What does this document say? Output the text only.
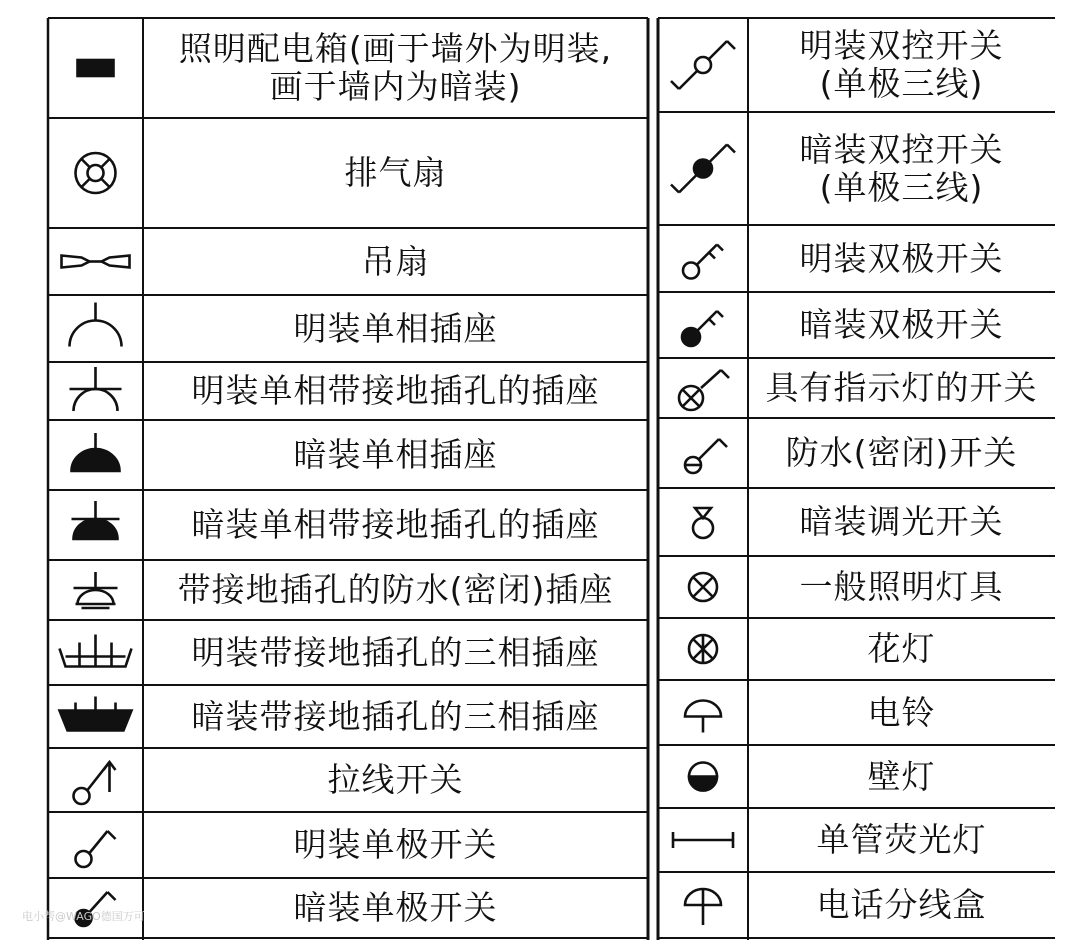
照明配电箱(画于墙外为明装,
画于墙内为暗装)
排气扇
吊扇
明装单相插座
明装单相带接地插孔的插座
暗装单相插座
暗装单相带接地插孔的插座
带接地插孔的防水(密闭)插座
明装带接地插孔的三相插座
暗装带接地插孔的三相插座
拉线开关
明装单极开关
暗装单极开关
明装双控开关
(单极三线)
暗装双控开关
(单极三线)
明装双极开关
暗装双极开关
具有指示灯的开关
防水(密闭)开关
暗装调光开关
一般照明灯具
花灯
电铃
壁灯
单管荧光灯
电话分线盒
电小帮@WAGO德国万可
